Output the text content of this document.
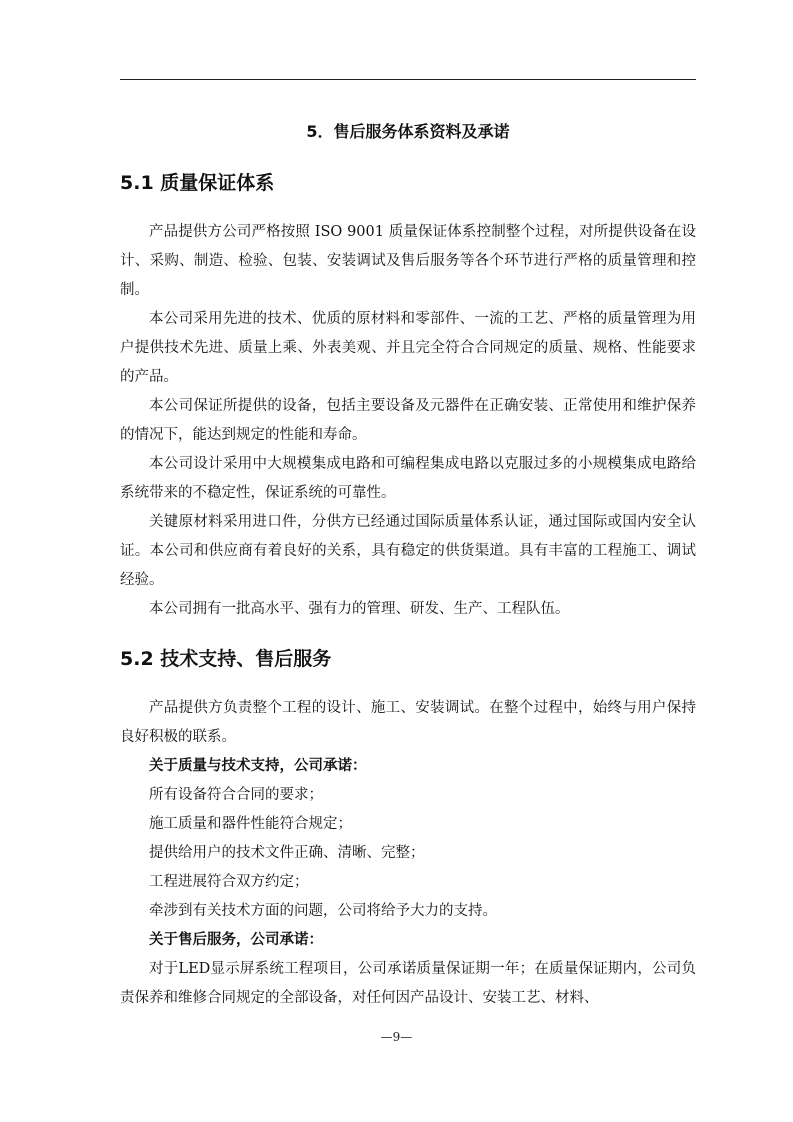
5．售后服务体系资料及承诺
5.1 质量保证体系

产品提供方公司严格按照 ISO 9001 质量保证体系控制整个过程，对所提供设备在设计、采购、制造、检验、包装、安装调试及售后服务等各个环节进行严格的质量管理和控制。

本公司采用先进的技术、优质的原材料和零部件、一流的工艺、严格的质量管理为用户提供技术先进、质量上乘、外表美观、并且完全符合合同规定的质量、规格、性能要求的产品。

本公司保证所提供的设备，包括主要设备及元器件在正确安装、正常使用和维护保养的情况下，能达到规定的性能和寿命。

本公司设计采用中大规模集成电路和可编程集成电路以克服过多的小规模集成电路给系统带来的不稳定性，保证系统的可靠性。

关键原材料采用进口件，分供方已经通过国际质量体系认证，通过国际或国内安全认证。本公司和供应商有着良好的关系，具有稳定的供货渠道。具有丰富的工程施工、调试经验。

本公司拥有一批高水平、强有力的管理、研发、生产、工程队伍。

5.2 技术支持、售后服务

产品提供方负责整个工程的设计、施工、安装调试。在整个过程中，始终与用户保持良好积极的联系。

关于质量与技术支持，公司承诺：

所有设备符合合同的要求；

施工质量和器件性能符合规定；

提供给用户的技术文件正确、清晰、完整；

工程进展符合双方约定；

牵涉到有关技术方面的问题，公司将给予大力的支持。

关于售后服务，公司承诺：

对于LED显示屏系统工程项目，公司承诺质量保证期一年；在质量保证期内，公司负责保养和维修合同规定的全部设备，对任何因产品设计、安装工艺、材料、

—9—
